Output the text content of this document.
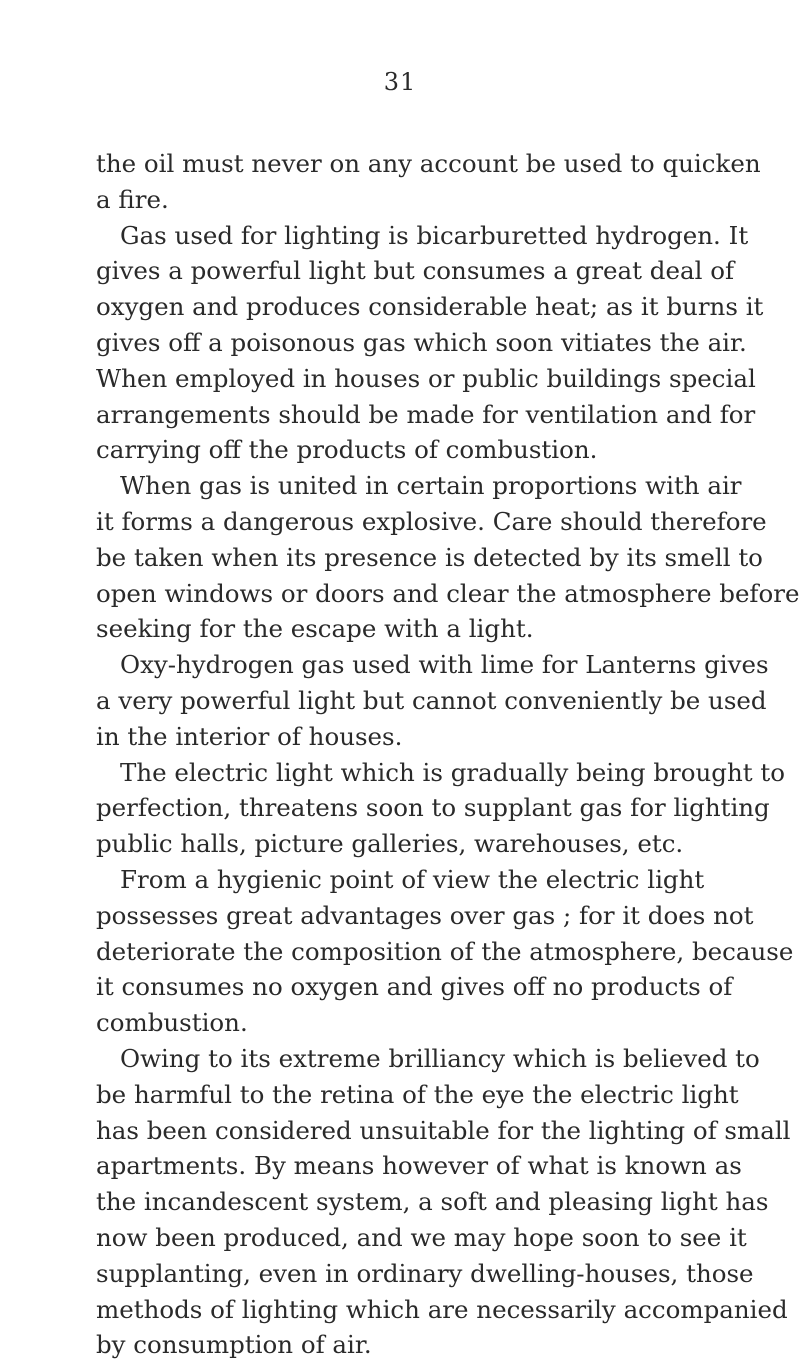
31
the oil must never on any account be used to quicken
a fire.
Gas used for lighting is bicarburetted hydrogen. It
gives a powerful light but consumes a great deal of
oxygen and produces considerable heat; as it burns it
gives off a poisonous gas which soon vitiates the air.
When employed in houses or public buildings special
arrangements should be made for ventilation and for
carrying off the products of combustion.
When gas is united in certain proportions with air
it forms a dangerous explosive. Care should therefore
be taken when its presence is detected by its smell to
open windows or doors and clear the atmosphere before
seeking for the escape with a light.
Oxy-hydrogen gas used with lime for Lanterns gives
a very powerful light but cannot conveniently be used
in the interior of houses.
The electric light which is gradually being brought to
perfection, threatens soon to supplant gas for lighting
public halls, picture galleries, warehouses, etc.
From a hygienic point of view the electric light
possesses great advantages over gas ; for it does not
deteriorate the composition of the atmosphere, because
it consumes no oxygen and gives off no products of
combustion.
Owing to its extreme brilliancy which is believed to
be harmful to the retina of the eye the electric light
has been considered unsuitable for the lighting of small
apartments. By means however of what is known as
the incandescent system, a soft and pleasing light has
now been produced, and we may hope soon to see it
supplanting, even in ordinary dwelling-houses, those
methods of lighting which are necessarily accompanied
by consumption of air.
